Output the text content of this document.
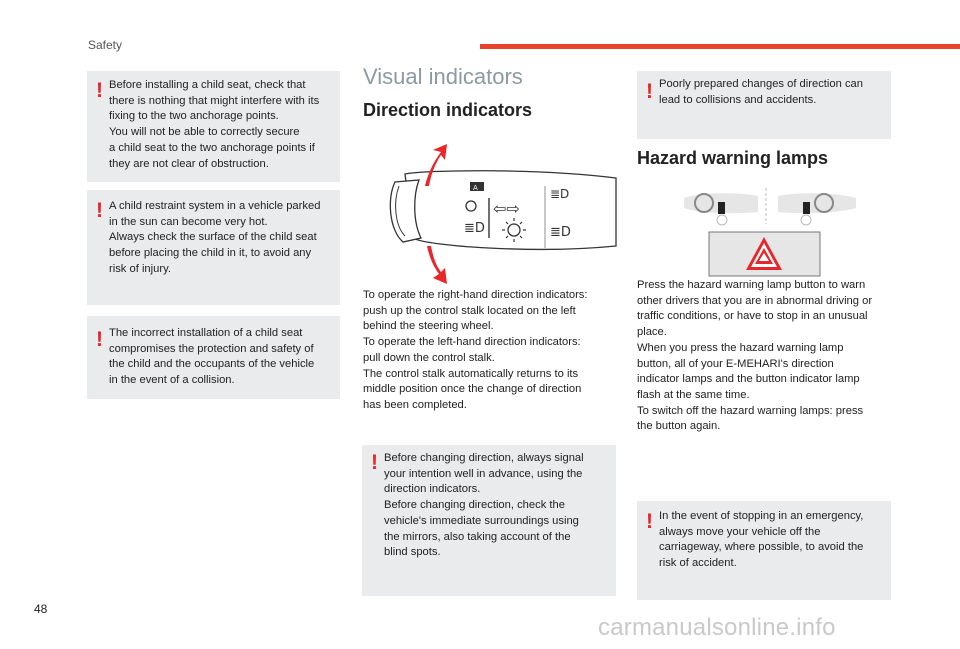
Safety
! Before installing a child seat, check that
there is nothing that might interfere with its
fixing to the two anchorage points.
You will not be able to correctly secure
a child seat to the two anchorage points if
they are not clear of obstruction.
! A child restraint system in a vehicle parked
in the sun can become very hot.
Always check the surface of the child seat
before placing the child in it, to avoid any
risk of injury.
! The incorrect installation of a child seat
compromises the protection and safety of
the child and the occupants of the vehicle
in the event of a collision.
Visual indicators
Direction indicators
⇦⇨
A
≣D	≣D
≣D
To operate the right-hand direction indicators:
push up the control stalk located on the left
behind the steering wheel.
To operate the left-hand direction indicators:
pull down the control stalk.
The control stalk automatically returns to its
middle position once the change of direction
has been completed.
! Before changing direction, always signal
your intention well in advance, using the
direction indicators.
Before changing direction, check the
vehicle's immediate surroundings using
the mirrors, also taking account of the
blind spots.
! Poorly prepared changes of direction can
lead to collisions and accidents.
Hazard warning lamps
Press the hazard warning lamp button to warn
other drivers that you are in abnormal driving or
traffic conditions, or have to stop in an unusual
place.
When you press the hazard warning lamp
button, all of your E-MEHARI's direction
indicator lamps and the button indicator lamp
flash at the same time.
To switch off the hazard warning lamps: press
the button again.
! In the event of stopping in an emergency,
always move your vehicle off the
carriageway, where possible, to avoid the
risk of accident.
48
carmanualsonline.info
